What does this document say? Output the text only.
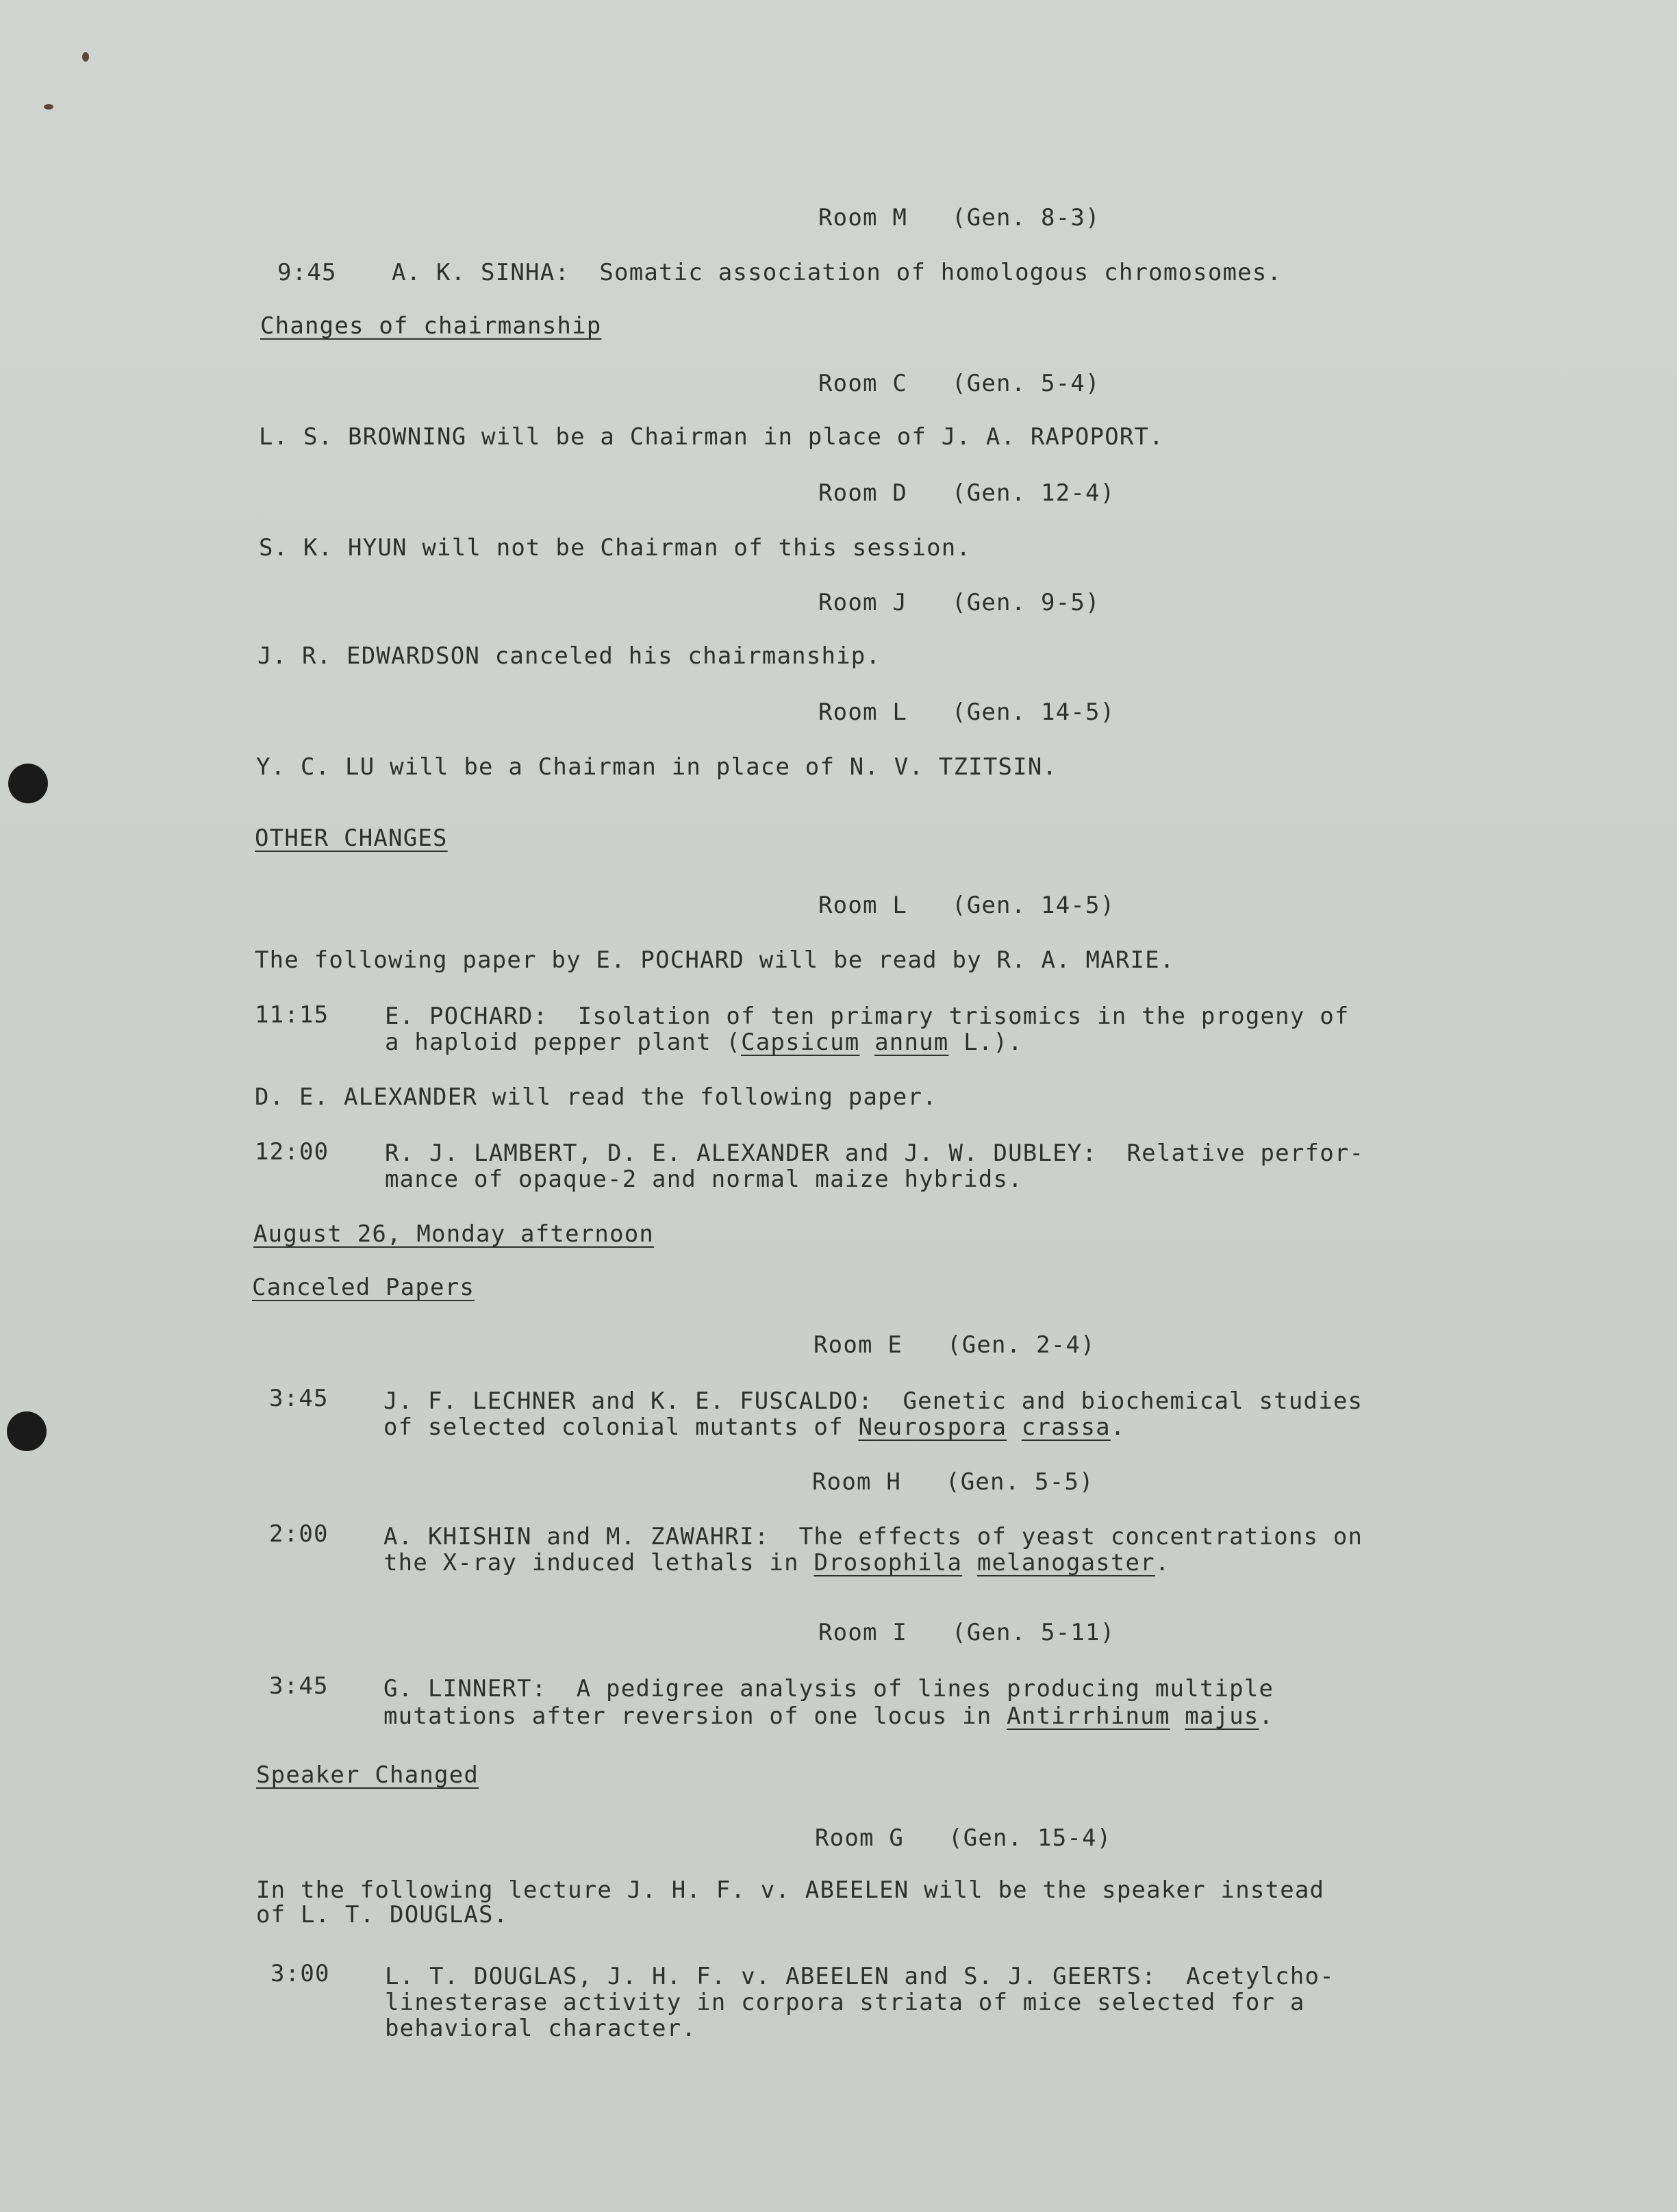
Room M   (Gen. 8-3)
9:45 A. K. SINHA:  Somatic association of homologous chromosomes.
Changes of chairmanship
Room C   (Gen. 5-4)
L. S. BROWNING will be a Chairman in place of J. A. RAPOPORT.
Room D   (Gen. 12-4)
S. K. HYUN will not be Chairman of this session.
Room J   (Gen. 9-5)
J. R. EDWARDSON canceled his chairmanship.
Room L   (Gen. 14-5)
Y. C. LU will be a Chairman in place of N. V. TZITSIN.
OTHER CHANGES
Room L   (Gen. 14-5)
The following paper by E. POCHARD will be read by R. A. MARIE.
11:15 E. POCHARD:  Isolation of ten primary trisomics in the progeny of
a haploid pepper plant (Capsicum annum L.).
D. E. ALEXANDER will read the following paper.
12:00 R. J. LAMBERT, D. E. ALEXANDER and J. W. DUBLEY:  Relative perfor-
mance of opaque-2 and normal maize hybrids.
August 26, Monday afternoon
Canceled Papers
Room E   (Gen. 2-4)
3:45 J. F. LECHNER and K. E. FUSCALDO:  Genetic and biochemical studies
of selected colonial mutants of Neurospora crassa.
Room H   (Gen. 5-5)
2:00 A. KHISHIN and M. ZAWAHRI:  The effects of yeast concentrations on
the X-ray induced lethals in Drosophila melanogaster.
Room I   (Gen. 5-11)
3:45 G. LINNERT:  A pedigree analysis of lines producing multiple
mutations after reversion of one locus in Antirrhinum majus.
Speaker Changed
Room G   (Gen. 15-4)
In the following lecture J. H. F. v. ABEELEN will be the speaker instead
of L. T. DOUGLAS.
3:00 L. T. DOUGLAS, J. H. F. v. ABEELEN and S. J. GEERTS:  Acetylcho-
linesterase activity in corpora striata of mice selected for a
behavioral character.
